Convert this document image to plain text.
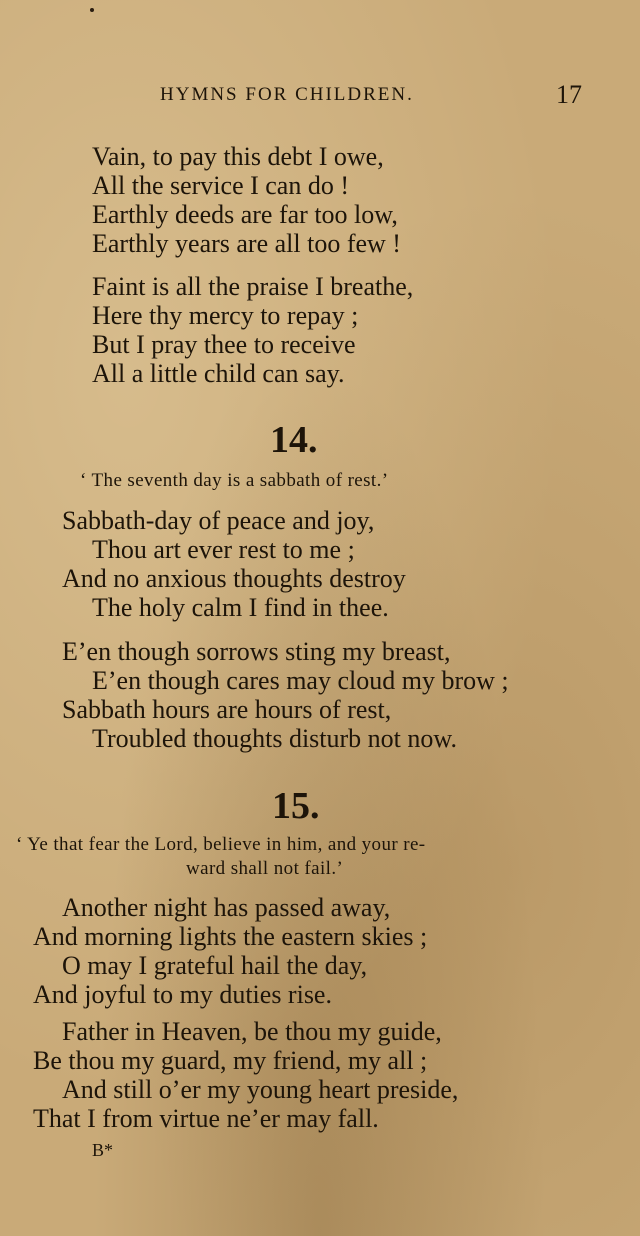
HYMNS FOR CHILDREN.	17
Vain, to pay this debt I owe,
All the service I can do !
Earthly deeds are far too low,
Earthly years are all too few !
Faint is all the praise I breathe,
Here thy mercy to repay ;
But I pray thee to receive
All a little child can say.
14.
‘ The seventh day is a sabbath of rest.’
Sabbath-day of peace and joy,
Thou art ever rest to me ;
And no anxious thoughts destroy
The holy calm I find in thee.
E’en though sorrows sting my breast,
E’en though cares may cloud my brow ;
Sabbath hours are hours of rest,
Troubled thoughts disturb not now.
15.
‘ Ye that fear the Lord, believe in him, and your re-
ward shall not fail.’
Another night has passed away,
And morning lights the eastern skies ;
O may I grateful hail the day,
And joyful to my duties rise.
Father in Heaven, be thou my guide,
Be thou my guard, my friend, my all ;
And still o’er my young heart preside,
That I from virtue ne’er may fall.
B*
